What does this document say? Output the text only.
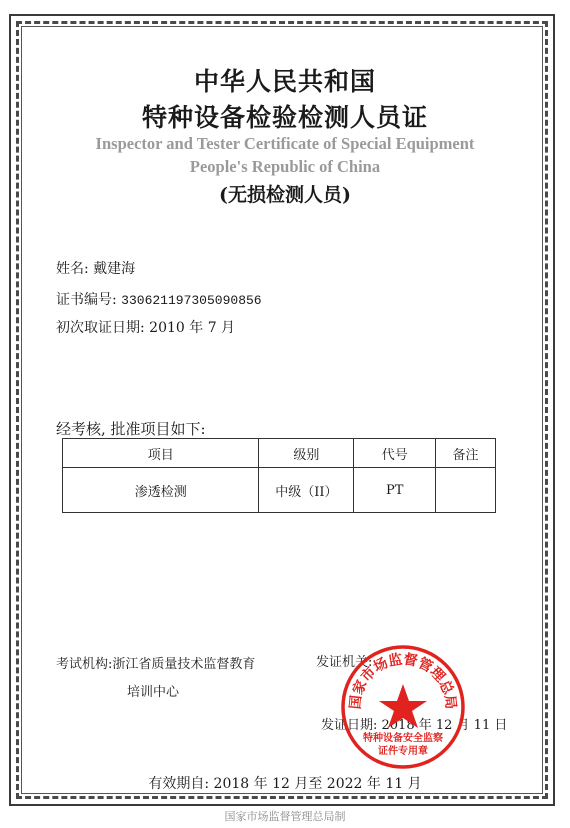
中华人民共和国
特种设备检验检测人员证
Inspector and Tester Certificate of Special Equipment
People's Republic of China
(无损检测人员)
姓名: 戴建海
证书编号: 330621197305090856
初次取证日期: 2010 年 7 月
经考核, 批准项目如下:
项目	级别	代号	备注
渗透检测	中级（II）	PT	
考试机构:浙江省质量技术监督教育
培训中心
发证机关:
发证日期: 2018 年 12 月 11 日
国家市场监督管理总局
特种设备安全监察
证件专用章
有效期自: 2018 年 12 月至 2022 年 11 月
国家市场监督管理总局制
